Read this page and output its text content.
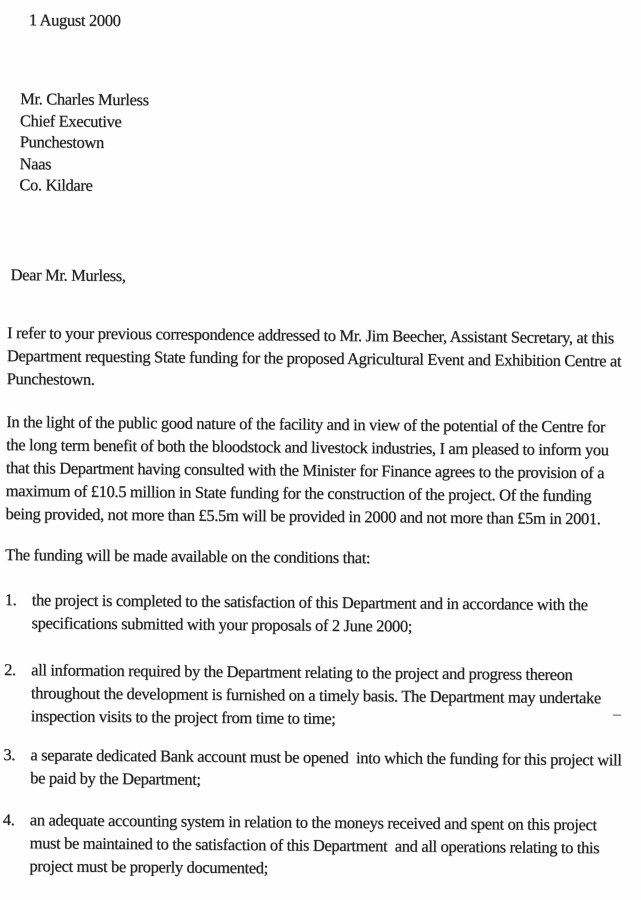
1 August 2000
Mr. Charles Murless
Chief Executive
Punchestown
Naas
Co. Kildare
Dear Mr. Murless,

I refer to your previous correspondence addressed to Mr. Jim Beecher, Assistant Secretary, at this Department requesting State funding for the proposed Agricultural Event and Exhibition Centre at Punchestown.

In the light of the public good nature of the facility and in view of the potential of the Centre for the long term benefit of both the bloodstock and livestock industries, I am pleased to inform you that this Department having consulted with the Minister for Finance agrees to the provision of a maximum of £10.5 million in State funding for the construction of the project. Of the funding being provided, not more than £5.5m will be provided in 2000 and not more than £5m in 2001.

The funding will be made available on the conditions that:

1. the project is completed to the satisfaction of this Department and in accordance with the specifications submitted with your proposals of 2 June 2000;
2. all information required by the Department relating to the project and progress thereon throughout the development is furnished on a timely basis. The Department may undertake inspection visits to the project from time to time;
3. a separate dedicated Bank account must be opened  into which the funding for this project will be paid by the Department;
4. an adequate accounting system in relation to the moneys received and spent on this project  must be maintained to the satisfaction of this Department  and all operations relating to this project must be properly documented;
–
